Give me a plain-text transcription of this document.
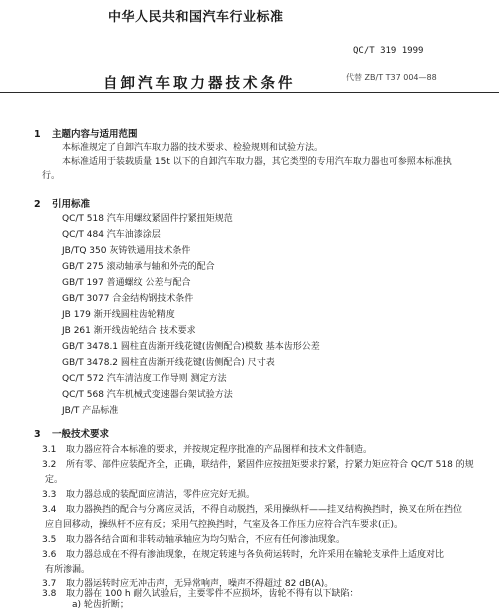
中华人民共和国汽车行业标准
QC/T 319 1999
自卸汽车取力器技术条件	代替 ZB/T T37 004—88
1 主题内容与适用范围
本标准规定了自卸汽车取力器的技术要求、检验规则和试验方法。
本标准适用于装载质量 15t 以下的自卸汽车取力器，其它类型的专用汽车取力器也可参照本标准执
行。
2 引用标准
QC/T 518 汽车用螺纹紧固件拧紧扭矩规范
QC/T 484 汽车油漆涂层
JB/TQ 350 灰铸铁通用技术条件
GB/T 275 滚动轴承与轴和外壳的配合
GB/T 197 普通螺纹 公差与配合
GB/T 3077 合金结构钢技术条件
JB 179 渐开线圆柱齿轮精度
JB 261 渐开线齿轮结合 技术要求
GB/T 3478.1 圆柱直齿渐开线花键(齿侧配合)模数 基本齿形公差
GB/T 3478.2 圆柱直齿渐开线花键(齿侧配合) 尺寸表
QC/T 572 汽车清洁度工作导则 测定方法
QC/T 568 汽车机械式变速器台架试验方法
JB/T 产品标准
3 一般技术要求
3.1 取力器应符合本标准的要求，并按规定程序批准的产品图样和技术文件制造。
3.2 所有零、部件应装配齐全，正确，联结件，紧固件应按扭矩要求拧紧，拧紧力矩应符合 QC/T 518 的规
定。
3.3 取力器总成的装配面应清洁，零件应完好无损。
3.4 取力器换挡的配合与分离应灵活，不得自动脱挡，采用操纵杆——挂叉结构换挡时，换叉在所在挡位
应自回移动，操纵杆不应有反；采用气控换挡时，气室及各工作压力应符合汽车要求(正)。
3.5 取力器各结合面和非转动轴承轴应为均匀贴合，不应有任何渗油现象。
3.6 取力器总成在不得有渗油现象，在规定转速与各负荷运转时，允许采用在输轮支承件上适度对比
有所渗漏。
3.7 取力器运转时应无冲击声，无异常响声，噪声不得超过 82 dB(A)。
3.8 取力器在 100 h 耐久试验后，主要零件不应损坏，齿轮不得有以下缺陷：
a) 轮齿折断；
